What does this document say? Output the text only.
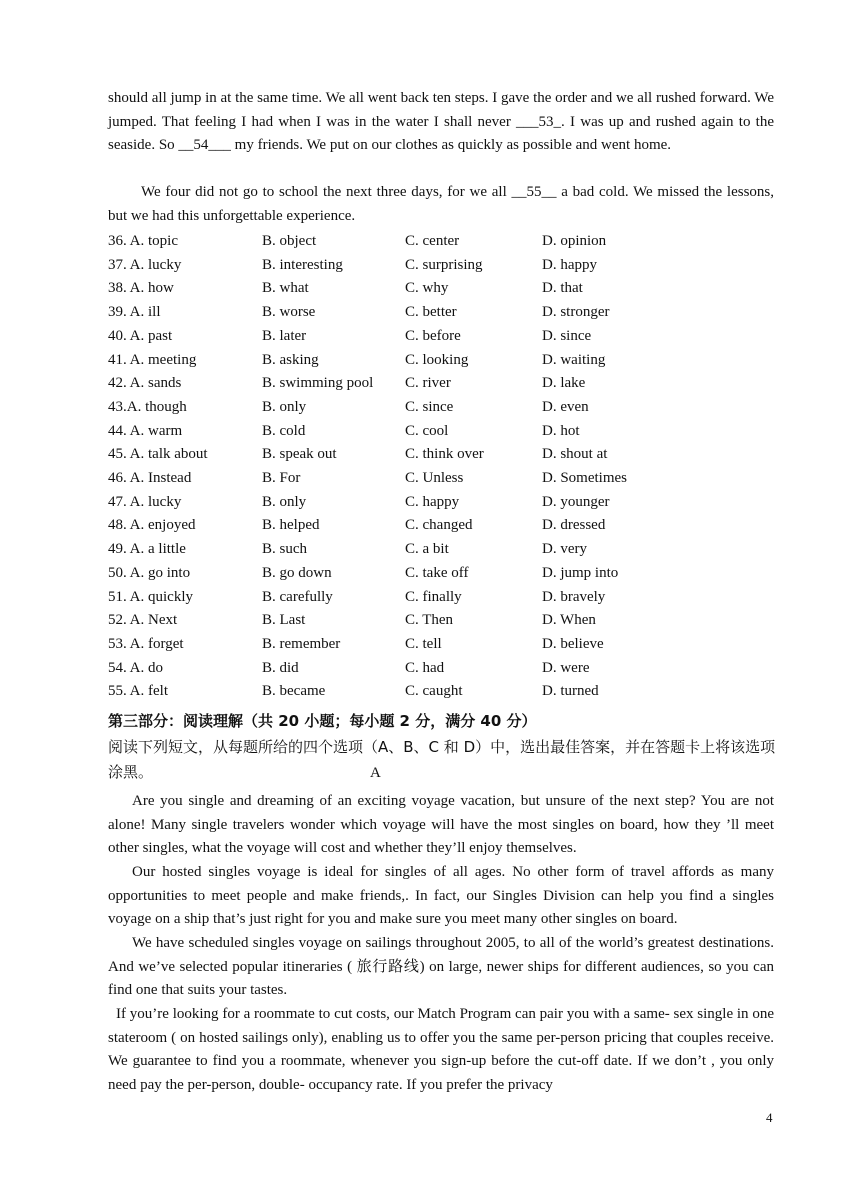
should all jump in at the same time. We all went back ten steps. I gave the order and we all rushed forward. We jumped. That feeling I had when I was in the water I shall never ___53_. I was up and rushed again to the seaside. So __54___ my friends. We put on our clothes as quickly as possible and went home.

We four did not go to school the next three days, for we all __55__ a bad cold. We missed the lessons, but we had this unforgettable experience.

36. A. topic	B. object	C. center	D. opinion
37. A. lucky	B. interesting	C. surprising	D. happy
38. A. how	B. what	C. why	D. that
39. A. ill	B. worse	C. better	D. stronger
40. A. past	B. later	C. before	D. since
41. A. meeting	B. asking	C. looking	D. waiting
42. A. sands	B. swimming pool C. river	D. lake
43.A. though	B. only	C. since	D. even
44. A. warm	B. cold	C. cool	D. hot
45. A. talk about	B. speak out	C. think over	D. shout at
46. A. Instead	B. For	C. Unless	D. Sometimes
47. A. lucky	B. only	C. happy	D. younger
48. A. enjoyed	B. helped	C. changed	D. dressed
49. A. a little	B. such	C. a bit	D. very
50. A. go into	B. go down	C. take off	D. jump into
51. A. quickly	B. carefully	C. finally	D. bravely
52. A. Next	B. Last	C. Then	D. When
53. A. forget	B. remember	C. tell	D. believe
54. A. do	B. did	C. had	D. were
55. A. felt	B. became	C. caught	D. turned
第三部分：阅读理解（共 20 小题；每小题 2 分，满分 40 分）

阅读下列短文，从每题所给的四个选项（A、B、C 和 D）中，选出最佳答案，并在答题卡上将该选项涂黑。	A

Are you single and dreaming of an exciting voyage vacation, but unsure of the next step? You are not alone! Many single travelers wonder which voyage will have the most singles on board, how they ’ll meet other singles, what the voyage will cost and whether they’ll enjoy themselves.

Our hosted singles voyage is ideal for singles of all ages. No other form of travel affords as many opportunities to meet people and make friends,. In fact, our Singles Division can help you find a singles voyage on a ship that’s just right for you and make sure you meet many other singles on board.

We have scheduled singles voyage on sailings throughout 2005, to all of the world’s greatest destinations. And we’ve selected popular itineraries ( 旅行路线) on large, newer ships for different audiences, so you can find one that suits your tastes.

If you’re looking for a roommate to cut costs, our Match Program can pair you with a same- sex single in one stateroom ( on hosted sailings only), enabling us to offer you the same per-person pricing that couples receive. We guarantee to find you a roommate, whenever you sign-up before the cut-off date. If we don’t , you only need pay the per-person, double- occupancy rate. If you prefer the privacy

4
